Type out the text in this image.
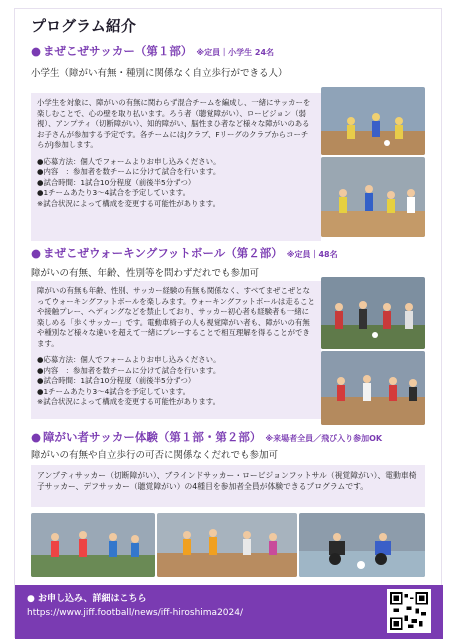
プログラム紹介
● まぜこぜサッカー（第１部） ※定員｜小学生 24名
小学生（障がい有無・種別に関係なく自立歩行ができる人）

小学生を対象に、障がいの有無に関わらず混合チームを編成し、一緒にサッカーを楽しむことで、心の壁を取り払います。ろう者（聴覚障がい）、ロービジョン（弱視）、アンプティ（切断障がい）、知的障がい、脳性まひ者など様々な障がいのあるお子さんが参加する予定です。各チームにはJクラブ、FリーグのクラブからコーチらがJ参加します。

●応募方法：個人でフォームよりお申し込みください。
●内容　：参加者を数チームに分けて試合を行います。
●試合時間：1試合10分程度（前後半5分ずつ）
●1チームあたり3～4試合を予定しています。
※試合状況によって構成を変更する可能性があります。
● まぜこぜウォーキングフットボール（第２部） ※定員｜48名
障がいの有無、年齢、性別等を問わずだれでも参加可

障がいの有無も年齢、性別、サッカー経験の有無も関係なく、すべてまぜこぜとなってウォーキングフットボールを楽しみます。ウォーキングフットボールは走ることや接触プレー、ヘディングなどを禁止しており、サッカー初心者も経験者も一緒に楽しめる「歩くサッカー」です。電動車椅子の人も視覚障がい者も、障がいの有無や種別など様々な違いを超えて一緒にプレーすることで相互理解を得ることができます。

●応募方法：個人でフォームよりお申し込みください。
●内容　：参加者を数チームに分けて試合を行います。
●試合時間：1試合10分程度（前後半5分ずつ）
●1チームあたり3～4試合を予定しています。
※試合状況によって構成を変更する可能性があります。
● 障がい者サッカー体験（第１部・第２部） ※来場者全員／飛び入り参加OK
障がいの有無や自立歩行の可否に関係なくだれでも参加可

アンプティサッカー（切断障がい）、ブラインドサッカー・ロービジョンフットサル（視覚障がい）、電動車椅子サッカー、デフサッカー（聴覚障がい）の4種目を参加者全員が体験できるプログラムです。

● お申し込み、詳細はこちら
https://www.jiff.football/news/iff-hiroshima2024/
